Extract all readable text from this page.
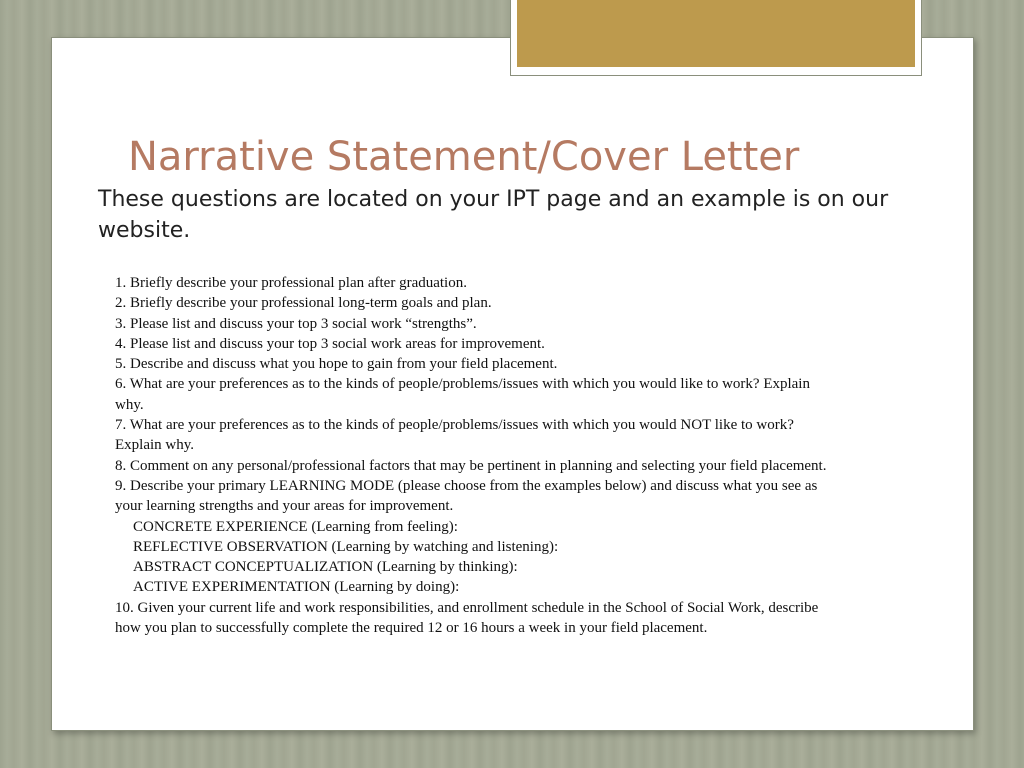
Narrative Statement/Cover Letter

These questions are located on your IPT page and an example is on our website.

1. Briefly describe your professional plan after graduation.
2. Briefly describe your professional long-term goals and plan.
3. Please list and discuss your top 3 social work “strengths”.
4. Please list and discuss your top 3 social work areas for improvement.
5. Describe and discuss what you hope to gain from your field placement.
6. What are your preferences as to the kinds of people/problems/issues with which you would like to work? Explain why.
7. What are your preferences as to the kinds of people/problems/issues with which you would NOT like to work? Explain why.
8. Comment on any personal/professional factors that may be pertinent in planning and selecting your field placement.
9. Describe your primary LEARNING MODE (please choose from the examples below) and discuss what you see as your learning strengths and your areas for improvement.
CONCRETE EXPERIENCE (Learning from feeling):
REFLECTIVE OBSERVATION (Learning by watching and listening):
ABSTRACT CONCEPTUALIZATION (Learning by thinking):
ACTIVE EXPERIMENTATION (Learning by doing):
10. Given your current life and work responsibilities, and enrollment schedule in the School of Social Work, describe how you plan to successfully complete the required 12 or 16 hours a week in your field placement.
